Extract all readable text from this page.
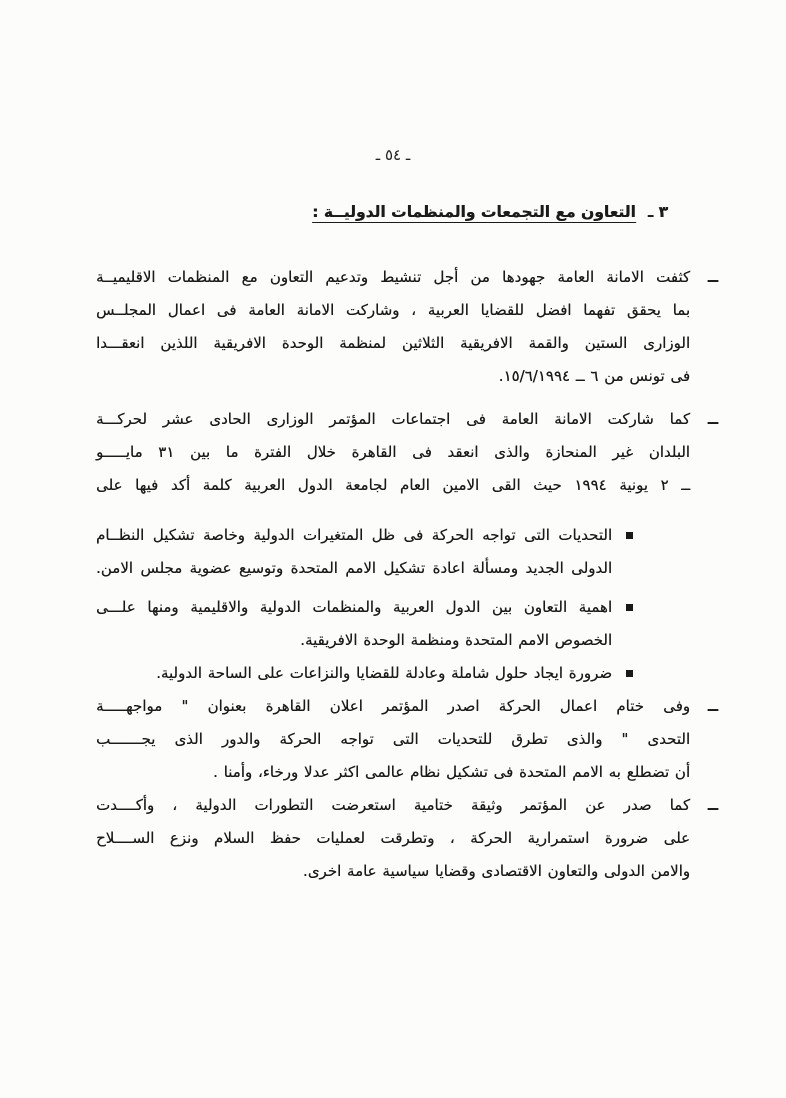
ـ ٥٤ ـ
٣ ـالتعاون مع التجمعات والمنظمات الدوليــة :
ــ
كثفت الامانة العامة جهودها من أجل تنشيط وتدعيم التعاون مع المنظمات الاقليميــة
بما يحقق تفهما افضل للقضايا العربية ، وشاركت الامانة العامة فى اعمال المجلــس
الوزارى الستين والقمة الافريقية الثلاثين لمنظمة الوحدة الافريقية اللذين انعقـــدا
فى تونس من ٦ ــ ١٥/٦/١٩٩٤.
ــ
كما شاركت الامانة العامة فى اجتماعات المؤتمر الوزارى الحادى عشر لحركـــة
البلدان غير المنحازة والذى انعقد فى القاهرة خلال الفترة ما بين ٣١ مايـــــو
ــ ٢ يونية ١٩٩٤ حيث القى الامين العام لجامعة الدول العربية كلمة أكد فيها على
التحديات التى تواجه الحركة فى ظل المتغيرات الدولية وخاصة تشكيل النظــام
الدولى الجديد ومسألة اعادة تشكيل الامم المتحدة وتوسيع عضوية مجلس الامن.
اهمية التعاون بين الدول العربية والمنظمات الدولية والاقليمية ومنها علـــى
الخصوص الامم المتحدة ومنظمة الوحدة الافريقية.
ضرورة ايجاد حلول شاملة وعادلة للقضايا والنزاعات على الساحة الدولية.
ــ
وفى ختام اعمال الحركة اصدر المؤتمر اعلان القاهرة بعنوان " مواجهـــــة
التحدى " والذى تطرق للتحديات التى تواجه الحركة والدور الذى يجـــــــب
أن تضطلع به الامم المتحدة فى تشكيل نظام عالمى اكثر عدلا ورخاء، وأمنا .
ــ
كما صدر عن المؤتمر وثيقة ختامية استعرضت التطورات الدولية ، وأكــــدت
على ضرورة استمرارية الحركة ، وتطرقت لعمليات حفظ السلام ونزع الســــلاح
والامن الدولى والتعاون الاقتصادى وقضايا سياسية عامة اخرى.
